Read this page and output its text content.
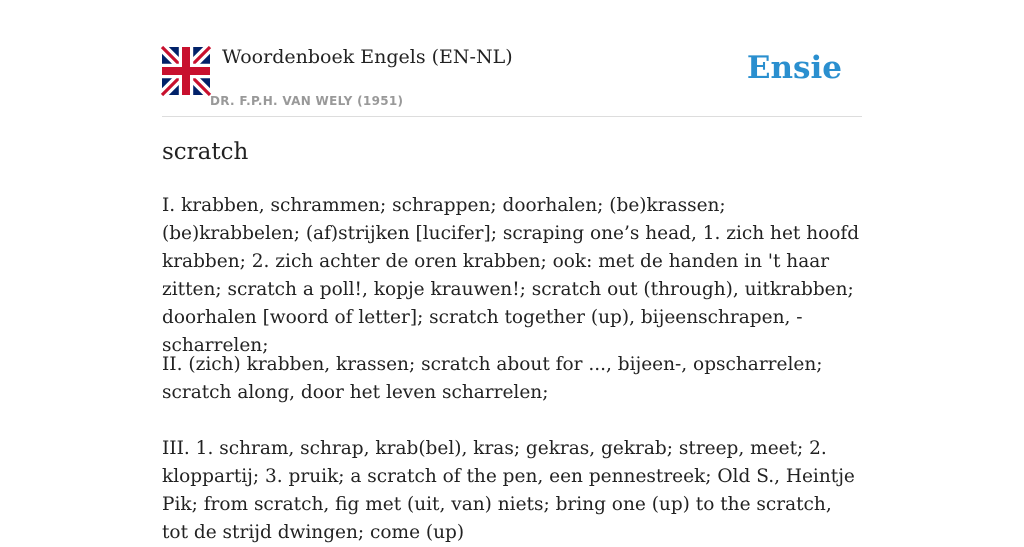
Woordenboek Engels (EN-NL)
DR. F.P.H. VAN WELY (1951)
Ensie
scratch

I. krabben, schrammen; schrappen; doorhalen; (be)krassen; (be)krabbelen; (af)strijken [lucifer]; scraping one’s head, 1. zich het hoofd krabben; 2. zich achter de oren krabben; ook: met de handen in 't haar zitten; scratch a poll!, kopje krauwen!; scratch out (through), uitkrabben; doorhalen [woord of letter]; scratch together (up), bijeenschrapen, -scharrelen;

II. (zich) krabben, krassen; scratch about for ..., bijeen-, opscharrelen; scratch along, door het leven scharrelen;

III. 1. schram, schrap, krab(bel), kras; gekras, gekrab; streep, meet; 2. kloppartij; 3. pruik; a scratch of the pen, een pennestreek; Old S., Heintje Pik; from scratch, fig met (uit, van) niets; bring one (up) to the scratch, tot de strijd dwingen; come (up)
